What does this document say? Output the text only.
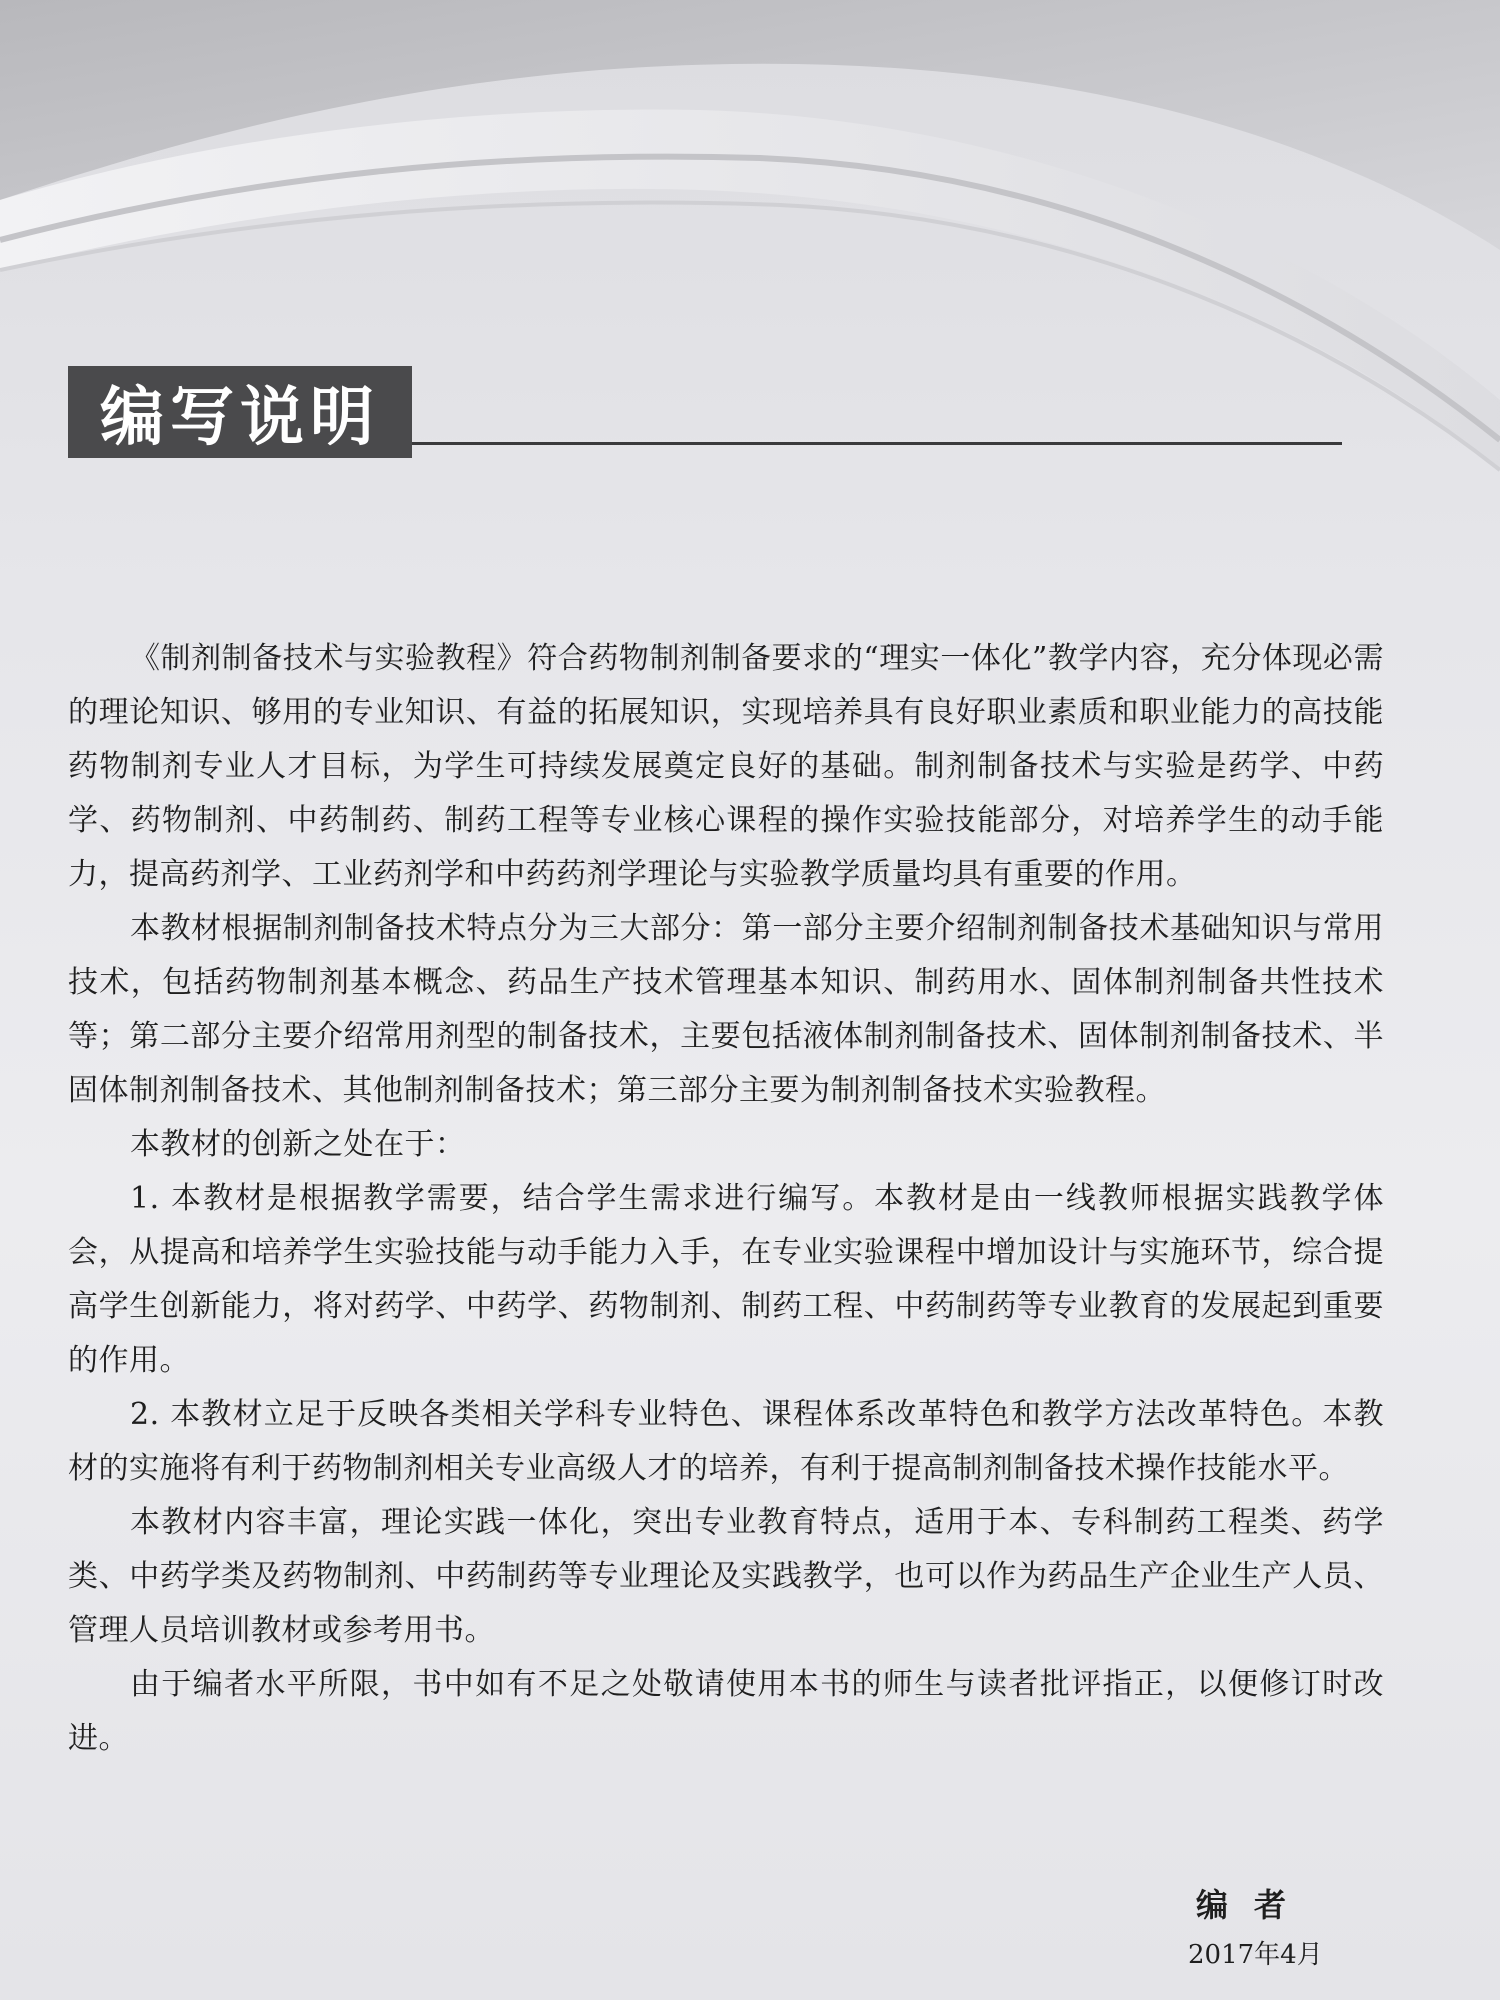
编写说明

《制剂制备技术与实验教程》符合药物制剂制备要求的“理实一体化”教学内容，充分体现必需的理论知识、够用的专业知识、有益的拓展知识，实现培养具有良好职业素质和职业能力的高技能药物制剂专业人才目标，为学生可持续发展奠定良好的基础。制剂制备技术与实验是药学、中药学、药物制剂、中药制药、制药工程等专业核心课程的操作实验技能部分，对培养学生的动手能力，提高药剂学、工业药剂学和中药药剂学理论与实验教学质量均具有重要的作用。

本教材根据制剂制备技术特点分为三大部分：第一部分主要介绍制剂制备技术基础知识与常用技术，包括药物制剂基本概念、药品生产技术管理基本知识、制药用水、固体制剂制备共性技术等；第二部分主要介绍常用剂型的制备技术，主要包括液体制剂制备技术、固体制剂制备技术、半固体制剂制备技术、其他制剂制备技术；第三部分主要为制剂制备技术实验教程。

本教材的创新之处在于：

1. 本教材是根据教学需要，结合学生需求进行编写。本教材是由一线教师根据实践教学体会，从提高和培养学生实验技能与动手能力入手，在专业实验课程中增加设计与实施环节，综合提高学生创新能力，将对药学、中药学、药物制剂、制药工程、中药制药等专业教育的发展起到重要的作用。

2. 本教材立足于反映各类相关学科专业特色、课程体系改革特色和教学方法改革特色。本教材的实施将有利于药物制剂相关专业高级人才的培养，有利于提高制剂制备技术操作技能水平。

本教材内容丰富，理论实践一体化，突出专业教育特点，适用于本、专科制药工程类、药学类、中药学类及药物制剂、中药制药等专业理论及实践教学，也可以作为药品生产企业生产人员、管理人员培训教材或参考用书。

由于编者水平所限，书中如有不足之处敬请使用本书的师生与读者批评指正，以便修订时改进。

编者
2017年4月
